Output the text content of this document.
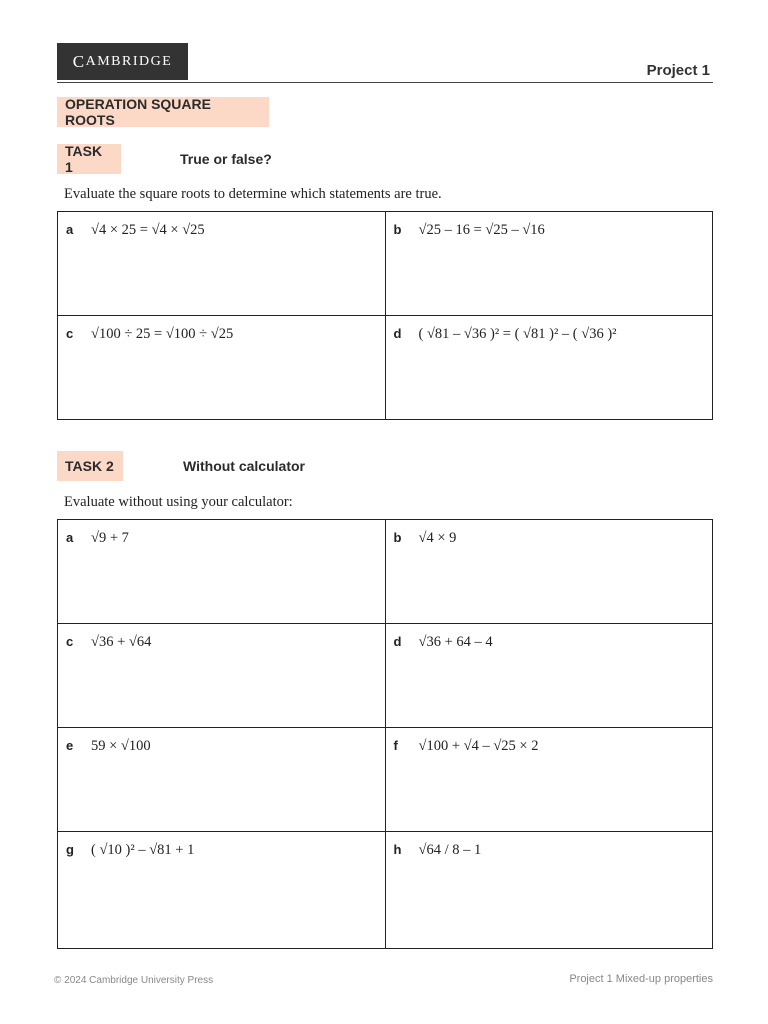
C AMBRIDGE
Project 1
OPERATION SQUARE ROOTS
TASK 1	True or false?
Evaluate the square roots to determine which statements are true.
a √4 × 25 = √4 × √25	b √25 – 16 = √25 – √16

c √100 ÷ 25 = √100 ÷ √25	d ( √81 – √36 )² = ( √81 )² – ( √36 )²
TASK 2	Without calculator
Evaluate without using your calculator:
a √9 + 7	b √4 × 9

c √36 + √64	d √36 + 64 – 4

e 59 × √100	f √100 + √4 – √25 × 2

g ( √10 )² – √81 + 1	h √64 / 8 – 1
© 2024 Cambridge University Press	Project 1 Mixed-up properties
